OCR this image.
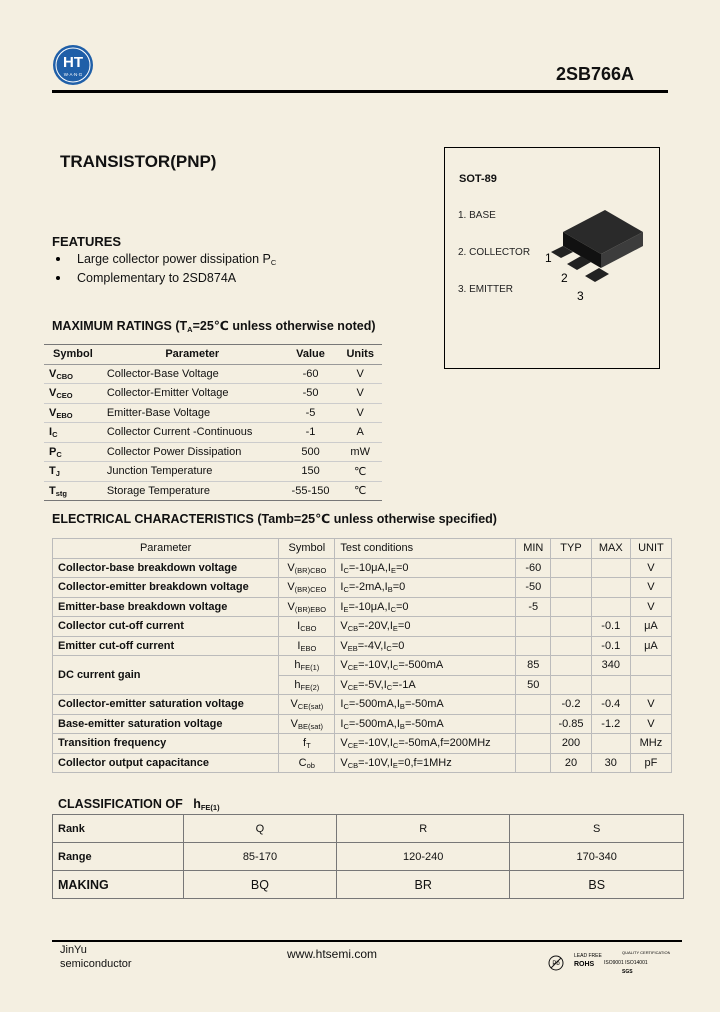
HT
W·A·N·G	2SB766A
TRANSISTOR(PNP)
SOT-89
1. BASE
2. COLLECTOR
3. EMITTER
1
2
3
FEATURES
Large collector power dissipation $P_C$
Complementary to 2SD874A
MAXIMUM RATINGS ($T_A=25℃$ unless otherwise noted)
Symbol	Parameter	Value	Units
$V_{CBO}$	Collector-Base Voltage	-60	V
$V_{CEO}$	Collector-Emitter Voltage	-50	V
$V_{EBO}$	Emitter-Base Voltage	-5	V
$I_C$	Collector Current -Continuous	-1	A
$P_C$	Collector Power Dissipation	500	mW
$T_J$	Junction Temperature	150	℃
$T_{stg}$	Storage Temperature	-55-150	℃
ELECTRICAL CHARACTERISTICS (Tamb=25℃ unless otherwise specified)
Parameter	Symbol	Test conditions	MIN	TYP	MAX	UNIT
Collector-base breakdown voltage	$V_{(BR)CBO}$	$I_C=-10\mu A,I_E=0$	-60			V
Collector-emitter breakdown voltage	$V_{(BR)CEO}$	$I_C=-2mA,I_B=0$	-50			V
Emitter-base breakdown voltage	$V_{(BR)EBO}$	$I_E=-10\mu A,I_C=0$	-5			V
Collector cut-off current	$I_{CBO}$	$V_{CB}=-20V,I_E=0$			-0.1	μA
Emitter cut-off current	$I_{EBO}$	$V_{EB}=-4V,I_C=0$			-0.1	μA
DC current gain	$h_{FE(1)}$	$V_{CE}=-10V,I_C=-500mA$	85		340	
	$h_{FE(2)}$	$V_{CE}=-5V,I_C=-1A$	50			
Collector-emitter saturation voltage	$V_{CE(sat)}$	$I_C=-500mA,I_B=-50mA$		-0.2	-0.4	V
Base-emitter saturation voltage	$V_{BE(sat)}$	$I_C=-500mA,I_B=-50mA$		-0.85	-1.2	V
Transition frequency	$f_T$	$V_{CE}=-10V,I_C=-50mA,f=200MHz$		200		MHz
Collector output capacitance	$C_{ob}$	$V_{CB}=-10V,I_E=0,f=1MHz$		20	30	pF
CLASSIFICATION OF $h_{FE(1)}$
Rank	Q	R	S
Range	85-170	120-240	170-340
MAKING	BQ	BR	BS
JinYu
semiconductor
www.htsemi.com
Pb
LEAD FREE
ROHS
QUALITY CERTIFICATION
ISO9001 ISO14001
SGS
